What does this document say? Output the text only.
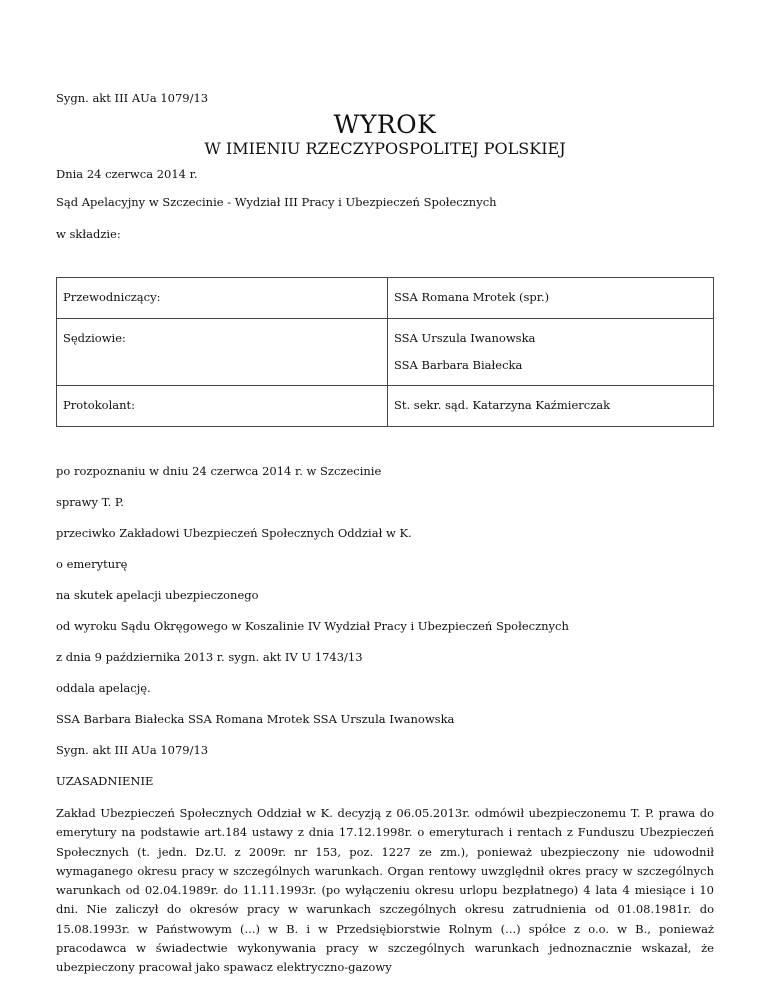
Sygn. akt III AUa 1079/13
WYROK
W IMIENIU RZECZYPOSPOLITEJ POLSKIEJ
Dnia 24 czerwca 2014 r.
Sąd Apelacyjny w Szczecinie - Wydział III Pracy i Ubezpieczeń Społecznych
w składzie:
Przewodniczący:	SSA Romana Mrotek (spr.)

Sędziowie:	SSA Urszula Iwanowska
SSA Barbara Białecka

Protokolant:	St. sekr. sąd. Katarzyna Kaźmierczak
po rozpoznaniu w dniu 24 czerwca 2014 r. w Szczecinie
sprawy T. P.
przeciwko Zakładowi Ubezpieczeń Społecznych Oddział w K.
o emeryturę
na skutek apelacji ubezpieczonego
od wyroku Sądu Okręgowego w Koszalinie IV Wydział Pracy i Ubezpieczeń Społecznych
z dnia 9 października 2013 r. sygn. akt IV U 1743/13
oddala apelację.
SSA Barbara Białecka SSA Romana Mrotek SSA Urszula Iwanowska
Sygn. akt III AUa 1079/13
UZASADNIENIE
Zakład Ubezpieczeń Społecznych Oddział w K. decyzją z 06.05.2013r. odmówił ubezpieczonemu T. P. prawa do emerytury na podstawie art.184 ustawy z dnia 17.12.1998r. o emeryturach i rentach z Funduszu Ubezpieczeń Społecznych (t. jedn. Dz.U. z 2009r. nr 153, poz. 1227 ze zm.), ponieważ ubezpieczony nie udowodnił wymaganego okresu pracy w szczególnych warunkach. Organ rentowy uwzględnił okres pracy w szczególnych warunkach od 02.04.1989r. do 11.11.1993r. (po wyłączeniu okresu urlopu bezpłatnego) 4 lata 4 miesiące i 10 dni. Nie zaliczył do okresów pracy w warunkach szczególnych okresu zatrudnienia od 01.08.1981r. do 15.08.1993r. w Państwowym (...) w B. i w Przedsiębiorstwie Rolnym (...) spółce z o.o. w B., ponieważ pracodawca w świadectwie wykonywania pracy w szczególnych warunkach jednoznacznie wskazał, że ubezpieczony pracował jako spawacz elektryczno-gazowy
